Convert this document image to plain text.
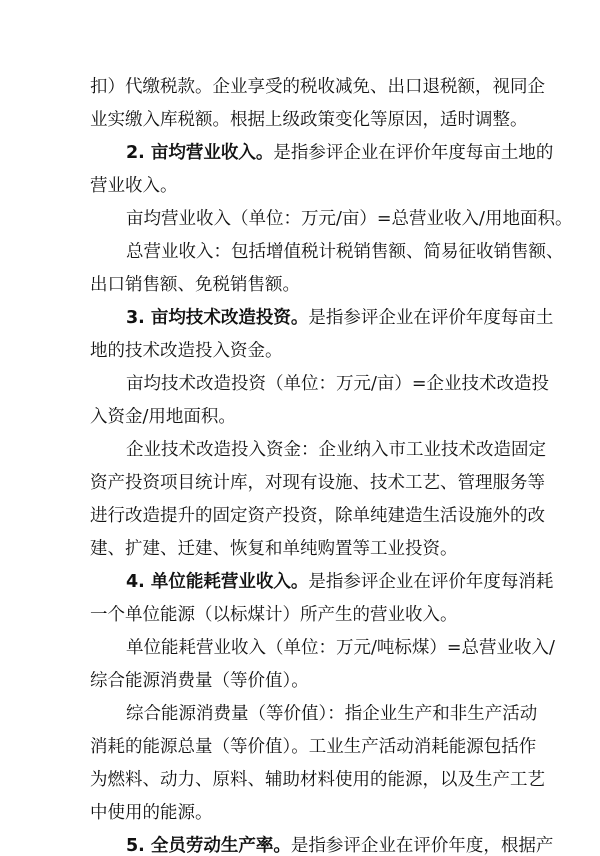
扣）代缴税款。企业享受的税收减免、出口退税额，视同企
业实缴入库税额。根据上级政策变化等原因，适时调整。
2. 亩均营业收入。是指参评企业在评价年度每亩土地的
营业收入。
亩均营业收入（单位：万元/亩）=总营业收入/用地面积。
总营业收入：包括增值税计税销售额、简易征收销售额、
出口销售额、免税销售额。
3. 亩均技术改造投资。是指参评企业在评价年度每亩土
地的技术改造投入资金。
亩均技术改造投资（单位：万元/亩）=企业技术改造投
入资金/用地面积。
企业技术改造投入资金：企业纳入市工业技术改造固定
资产投资项目统计库，对现有设施、技术工艺、管理服务等
进行改造提升的固定资产投资，除单纯建造生活设施外的改
建、扩建、迁建、恢复和单纯购置等工业投资。
4. 单位能耗营业收入。是指参评企业在评价年度每消耗
一个单位能源（以标煤计）所产生的营业收入。
单位能耗营业收入（单位：万元/吨标煤）=总营业收入/
综合能源消费量（等价值）。
综合能源消费量（等价值）：指企业生产和非生产活动
消耗的能源总量（等价值）。工业生产活动消耗能源包括作
为燃料、动力、原料、辅助材料使用的能源，以及生产工艺
中使用的能源。
5. 全员劳动生产率。是指参评企业在评价年度，根据产
